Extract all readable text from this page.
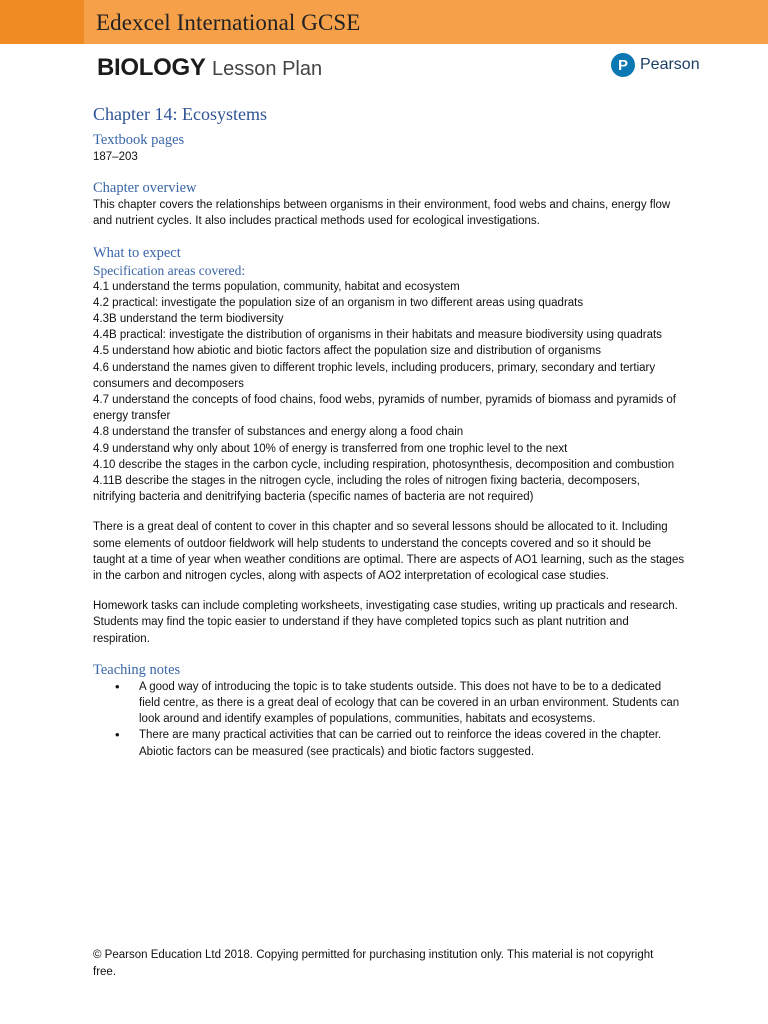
Edexcel International GCSE
BIOLOGY Lesson Plan	P Pearson
Chapter 14: Ecosystems
Textbook pages
187–203
Chapter overview
This chapter covers the relationships between organisms in their environment, food webs and chains, energy flow and nutrient cycles. It also includes practical methods used for ecological investigations.
What to expect
Specification areas covered:
4.1 understand the terms population, community, habitat and ecosystem
4.2 practical: investigate the population size of an organism in two different areas using quadrats
4.3B understand the term biodiversity
4.4B practical: investigate the distribution of organisms in their habitats and measure biodiversity using quadrats
4.5 understand how abiotic and biotic factors affect the population size and distribution of organisms
4.6 understand the names given to different trophic levels, including producers, primary, secondary and tertiary consumers and decomposers
4.7 understand the concepts of food chains, food webs, pyramids of number, pyramids of biomass and pyramids of energy transfer
4.8 understand the transfer of substances and energy along a food chain
4.9 understand why only about 10% of energy is transferred from one trophic level to the next
4.10 describe the stages in the carbon cycle, including respiration, photosynthesis, decomposition and combustion
4.11B describe the stages in the nitrogen cycle, including the roles of nitrogen fixing bacteria, decomposers, nitrifying bacteria and denitrifying bacteria (specific names of bacteria are not required)
There is a great deal of content to cover in this chapter and so several lessons should be allocated to it. Including some elements of outdoor fieldwork will help students to understand the concepts covered and so it should be taught at a time of year when weather conditions are optimal. There are aspects of AO1 learning, such as the stages in the carbon and nitrogen cycles, along with aspects of AO2 interpretation of ecological case studies.
Homework tasks can include completing worksheets, investigating case studies, writing up practicals and research. Students may find the topic easier to understand if they have completed topics such as plant nutrition and respiration.
Teaching notes
• A good way of introducing the topic is to take students outside. This does not have to be to a dedicated field centre, as there is a great deal of ecology that can be covered in an urban environment. Students can look around and identify examples of populations, communities, habitats and ecosystems.
• There are many practical activities that can be carried out to reinforce the ideas covered in the chapter. Abiotic factors can be measured (see practicals) and biotic factors suggested.
© Pearson Education Ltd 2018. Copying permitted for purchasing institution only. This material is not copyright free.
